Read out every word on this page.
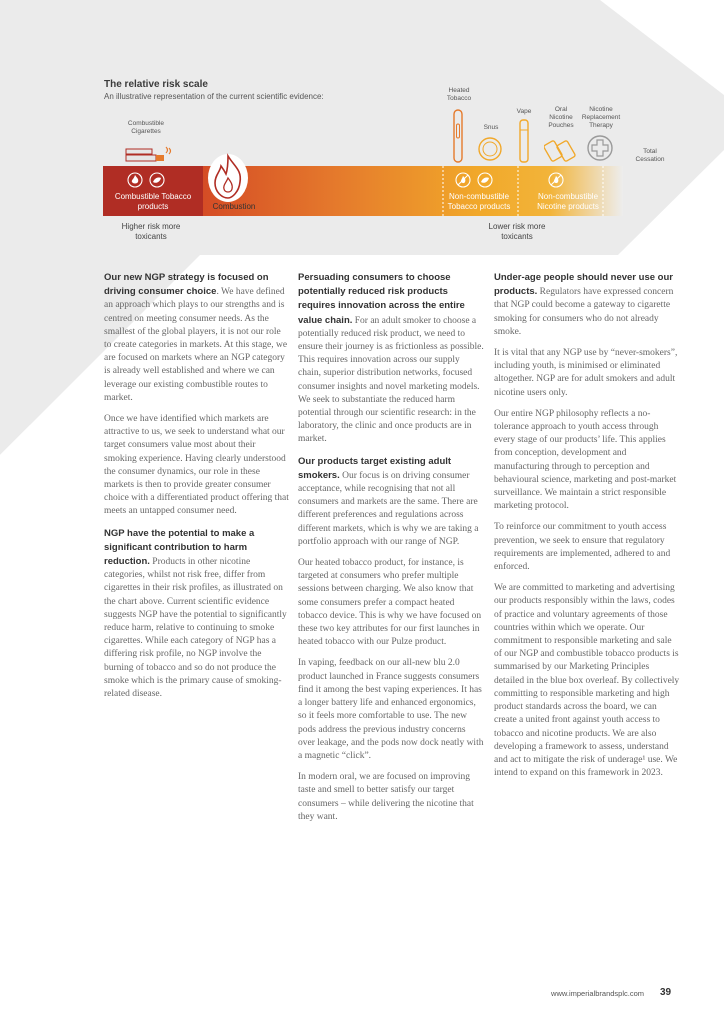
The relative risk scale
An illustrative representation of the current scientific evidence:
Combustible Cigarettes
Heated Tobacco
Snus
Vape	Oral Nicotine Pouches
Nicotine Replacement Therapy
Total Cessation
Combustible Tobacco products	Combustion
Non-combustible Tobacco products
Non-combustible Nicotine products
Higher risk more toxicants
Lower risk more toxicants

Our new NGP strategy is focused on driving consumer choice. We have defined an approach which plays to our strengths and is centred on meeting consumer needs. As the smallest of the global players, it is not our role to create categories in markets. At this stage, we are focused on markets where an NGP category is already well established and where we can leverage our existing combustible routes to market.

Once we have identified which markets are attractive to us, we seek to understand what our target consumers value most about their smoking experience. Having clearly understood the consumer dynamics, our role in these markets is then to provide greater consumer choice with a differentiated product offering that meets an untapped consumer need.

NGP have the potential to make a significant contribution to harm reduction. Products in other nicotine categories, whilst not risk free, differ from cigarettes in their risk profiles, as illustrated on the chart above. Current scientific evidence suggests NGP have the potential to significantly reduce harm, relative to continuing to smoke cigarettes. While each category of NGP has a differing risk profile, no NGP involve the burning of tobacco and so do not produce the smoke which is the primary cause of smoking-related disease.

Persuading consumers to choose potentially reduced risk products requires innovation across the entire value chain. For an adult smoker to choose a potentially reduced risk product, we need to ensure their journey is as frictionless as possible. This requires innovation across our supply chain, superior distribution networks, focused consumer insights and novel marketing models. We seek to substantiate the reduced harm potential through our scientific research: in the laboratory, the clinic and once products are in market.

Our products target existing adult smokers. Our focus is on driving consumer acceptance, while recognising that not all consumers and markets are the same. There are different preferences and regulations across different markets, which is why we are taking a portfolio approach with our range of NGP.

Our heated tobacco product, for instance, is targeted at consumers who prefer multiple sessions between charging. We also know that some consumers prefer a compact heated tobacco device. This is why we have focused on these two key attributes for our first launches in heated tobacco with our Pulze product.

In vaping, feedback on our all-new blu 2.0 product launched in France suggests consumers find it among the best vaping experiences. It has a longer battery life and enhanced ergonomics, so it feels more comfortable to use. The new pods address the previous industry concerns over leakage, and the pods now dock neatly with a magnetic “click”.

In modern oral, we are focused on improving taste and smell to better satisfy our target consumers – while delivering the nicotine that they want.

Under-age people should never use our products. Regulators have expressed concern that NGP could become a gateway to cigarette smoking for consumers who do not already smoke.

It is vital that any NGP use by “never-smokers”, including youth, is minimised or eliminated altogether. NGP are for adult smokers and adult nicotine users only.

Our entire NGP philosophy reflects a no-tolerance approach to youth access through every stage of our products’ life. This applies from conception, development and manufacturing through to perception and behavioural science, marketing and post-market surveillance. We maintain a strict responsible marketing protocol.

To reinforce our commitment to youth access prevention, we seek to ensure that regulatory requirements are implemented, adhered to and enforced.

We are committed to marketing and advertising our products responsibly within the laws, codes of practice and voluntary agreements of those countries within which we operate. Our commitment to responsible marketing and sale of our NGP and combustible tobacco products is summarised by our Marketing Principles detailed in the blue box overleaf. By collectively committing to responsible marketing and high product standards across the board, we can create a united front against youth access to tobacco and nicotine products. We are also developing a framework to assess, understand and act to mitigate the risk of underage¹ use. We intend to expand on this framework in 2023.

www.imperialbrandsplc.com 39
